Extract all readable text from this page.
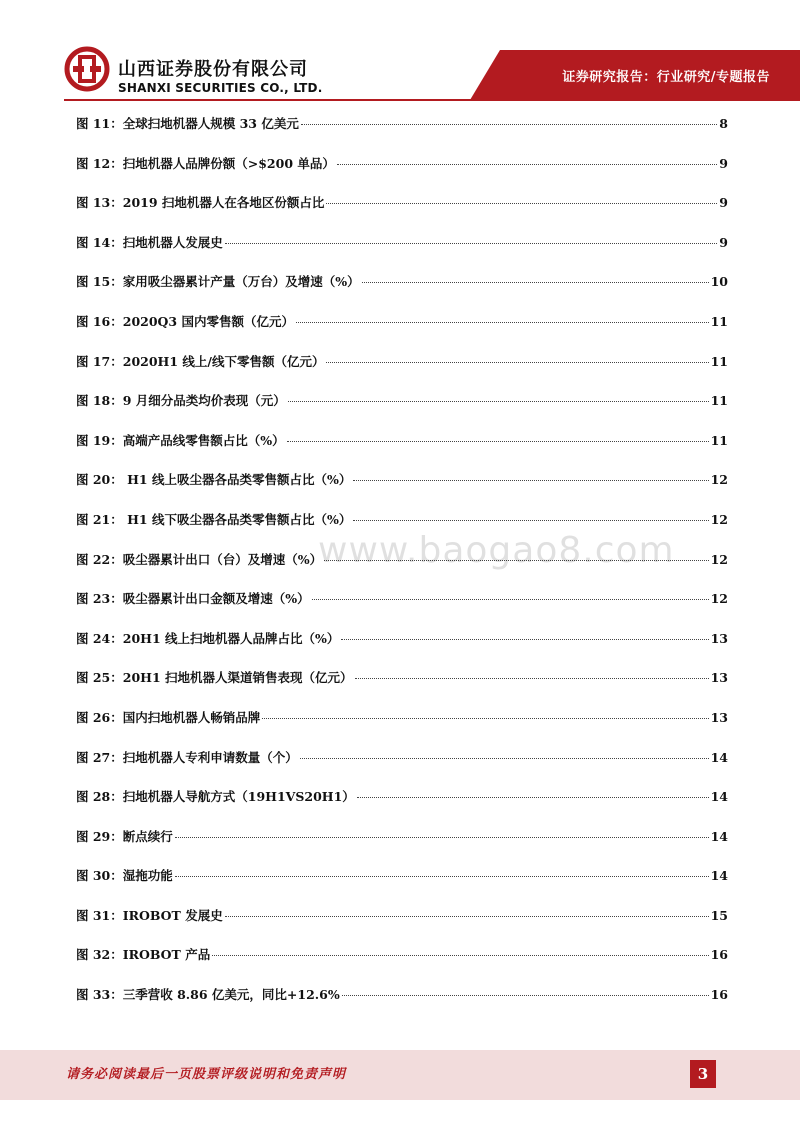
山西证券股份有限公司
SHANXI SECURITIES CO., LTD.
证券研究报告：行业研究/专题报告
图 11：全球扫地机器人规模 33 亿美元	8
图 12：扫地机器人品牌份额（>$200 单品）	9
图 13：2019 扫地机器人在各地区份额占比	9
图 14：扫地机器人发展史	9
图 15：家用吸尘器累计产量（万台）及增速（%）	10
图 16：2020Q3 国内零售额（亿元）	11
图 17：2020H1 线上/线下零售额（亿元）	11
图 18：9 月细分品类均价表现（元）	11
图 19：高端产品线零售额占比（%）	11
图 20： H1 线上吸尘器各品类零售额占比（%）	12
图 21： H1 线下吸尘器各品类零售额占比（%）	12
图 22：吸尘器累计出口（台）及增速（%）	12
图 23：吸尘器累计出口金额及增速（%）	12
图 24：20H1 线上扫地机器人品牌占比（%）	13
图 25：20H1 扫地机器人渠道销售表现（亿元）	13
图 26：国内扫地机器人畅销品牌	13
图 27：扫地机器人专利申请数量（个）	14
图 28：扫地机器人导航方式（19H1VS20H1）	14
图 29：断点续行	14
图 30：湿拖功能	14
图 31：IROBOT 发展史	15
图 32：IROBOT 产品	16
图 33：三季营收 8.86 亿美元，同比+12.6%	16
www.baogao8.com
请务必阅读最后一页股票评级说明和免责声明	3
